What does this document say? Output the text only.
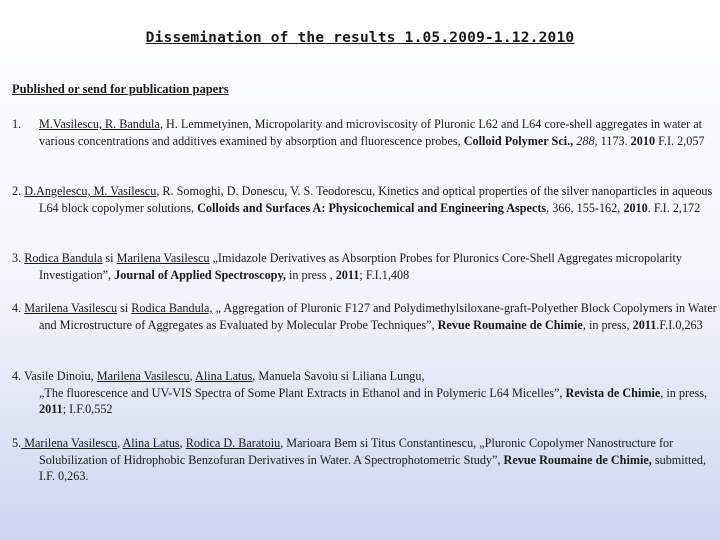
Dissemination of the results 1.05.2009-1.12.2010
Published or send for publication papers
1. M.Vasilescu, R. Bandula, H. Lemmetyinen, Micropolarity and microviscosity of Pluronic L62 and L64 core-shell aggregates in water at various concentrations and additives examined by absorption and fluorescence probes, Colloid Polymer Sci., 288, 1173. 2010 F.I. 2,057
2. D.Angelescu, M. Vasilescu, R. Somoghi, D. Donescu, V. S. Teodorescu, Kinetics and optical properties of the silver nanoparticles in aqueous L64 block copolymer solutions, Colloids and Surfaces A: Physicochemical and Engineering Aspects, 366, 155-162, 2010. F.I. 2,172
3. Rodica Bandula si Marilena Vasilescu „Imidazole Derivatives as Absorption Probes for Pluronics Core-Shell Aggregates micropolarity Investigation”, Journal of Applied Spectroscopy, in press , 2011; F.I.1,408
4. Marilena Vasilescu si Rodica Bandula, „ Aggregation of Pluronic F127 and Polydimethylsiloxane-graft-Polyether Block Copolymers in Water and Microstructure of Aggregates as Evaluated by Molecular Probe Techniques”, Revue Roumaine de Chimie, in press, 2011.F.I.0,263
4. Vasile Dinoiu, Marilena Vasilescu, Alina Latus, Manuela Savoiu si Liliana Lungu,
„The fluorescence and UV-VIS Spectra of Some Plant Extracts in Ethanol and in Polymeric L64 Micelles”, Revista de Chimie, in press, 2011; I.F.0,552
5. Marilena Vasilescu, Alina Latus, Rodica D. Baratoiu, Marioara Bem si Titus Constantinescu, „Pluronic Copolymer Nanostructure for Solubilization of Hidrophobic Benzofuran Derivatives in Water. A Spectrophotometric Study”, Revue Roumaine de Chimie, submitted, I.F. 0,263.
